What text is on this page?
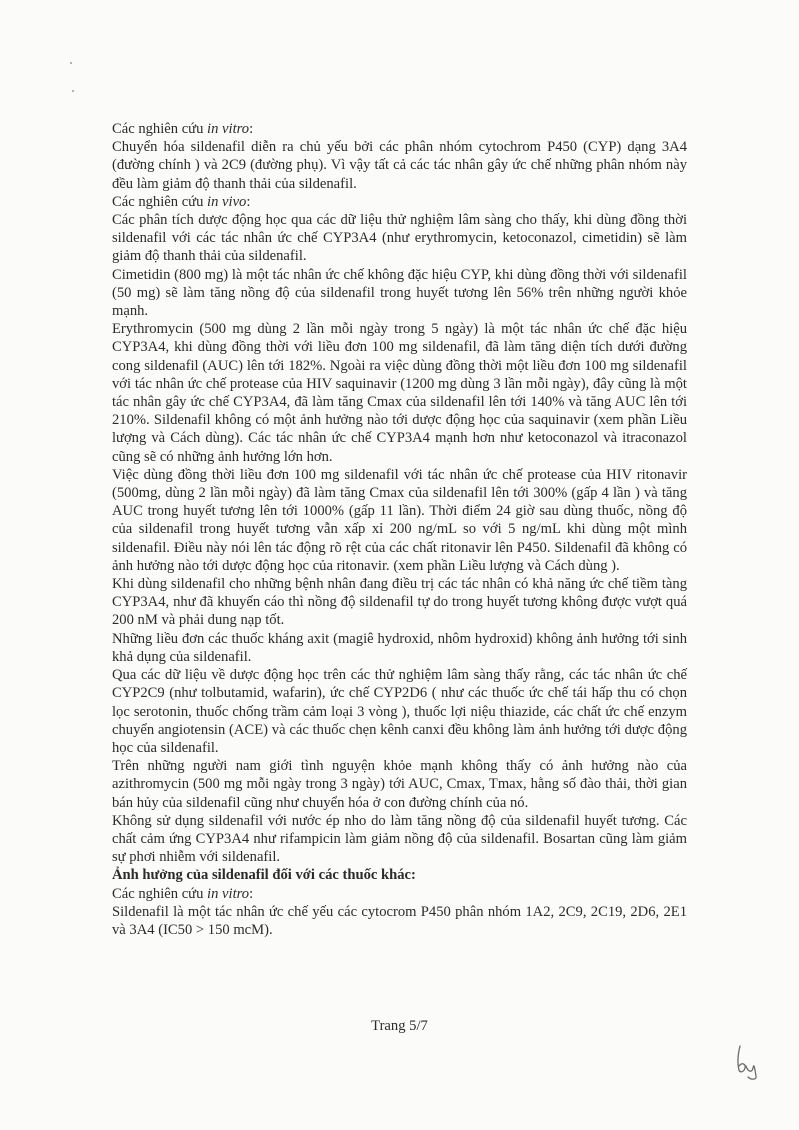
Các nghiên cứu in vitro:

Chuyển hóa sildenafil diễn ra chủ yếu bởi các phân nhóm cytochrom P450 (CYP) dạng 3A4 (đường chính ) và 2C9 (đường phụ). Vì vậy tất cả các tác nhân gây ức chế những phân nhóm này đều làm giảm độ thanh thải của sildenafil.

Các nghiên cứu in vivo:

Các phân tích dược động học qua các dữ liệu thử nghiệm lâm sàng cho thấy, khi dùng đồng thời sildenafil với các tác nhân ức chế CYP3A4 (như erythromycin, ketoconazol, cimetidin) sẽ làm giảm độ thanh thải của sildenafil.

Cimetidin (800 mg) là một tác nhân ức chế không đặc hiệu CYP, khi dùng đồng thời với sildenafil (50 mg) sẽ làm tăng nồng độ của sildenafil trong huyết tương lên 56% trên những người khỏe mạnh.

Erythromycin (500 mg dùng 2 lần mỗi ngày trong 5 ngày) là một tác nhân ức chế đặc hiệu CYP3A4, khi dùng đồng thời với liều đơn 100 mg sildenafil, đã làm tăng diện tích dưới đường cong sildenafil (AUC) lên tới 182%. Ngoài ra việc dùng đồng thời một liều đơn 100 mg sildenafil với tác nhân ức chế protease của HIV saquinavir (1200 mg dùng 3 lần mỗi ngày), đây cũng là một tác nhân gây ức chế CYP3A4, đã làm tăng Cmax của sildenafil lên tới 140% và tăng AUC lên tới 210%. Sildenafil không có một ảnh hưởng nào tới dược động học của saquinavir (xem phần Liều lượng và Cách dùng). Các tác nhân ức chế CYP3A4 mạnh hơn như ketoconazol và itraconazol cũng sẽ có những ảnh hưởng lớn hơn.

Việc dùng đồng thời liều đơn 100 mg sildenafil với tác nhân ức chế protease của HIV ritonavir (500mg, dùng 2 lần mỗi ngày) đã làm tăng Cmax của sildenafil lên tới 300% (gấp 4 lần ) và tăng AUC trong huyết tương lên tới 1000% (gấp 11 lần). Thời điểm 24 giờ sau dùng thuốc, nồng độ của sildenafil trong huyết tương vẫn xấp xỉ 200 ng/mL so với 5 ng/mL khi dùng một mình sildenafil. Điều này nói lên tác động rõ rệt của các chất ritonavir lên P450. Sildenafil đã không có ảnh hưởng nào tới dược động học của ritonavir. (xem phần Liều lượng và Cách dùng ).

Khi dùng sildenafil cho những bệnh nhân đang điều trị các tác nhân có khả năng ức chế tiềm tàng CYP3A4, như đã khuyến cáo thì nồng độ sildenafil tự do trong huyết tương không được vượt quá 200 nM và phải dung nạp tốt.

Những liều đơn các thuốc kháng axit (magiê hydroxid, nhôm hydroxid) không ảnh hưởng tới sinh khả dụng của sildenafil.

Qua các dữ liệu về dược động học trên các thử nghiệm lâm sàng thấy rằng, các tác nhân ức chế CYP2C9 (như tolbutamid, wafarin), ức chế CYP2D6 ( như các thuốc ức chế tái hấp thu có chọn lọc serotonin, thuốc chống trầm cảm loại 3 vòng ), thuốc lợi niệu thiazide, các chất ức chế enzym chuyển angiotensin (ACE) và các thuốc chẹn kênh canxi đều không làm ảnh hưởng tới dược động học của sildenafil.

Trên những người nam giới tình nguyện khỏe mạnh không thấy có ảnh hưởng nào của azithromycin (500 mg mỗi ngày trong 3 ngày) tới AUC, Cmax, Tmax, hằng số đào thải, thời gian bán hủy của sildenafil cũng như chuyển hóa ở con đường chính của nó.

Không sử dụng sildenafil với nước ép nho do làm tăng nồng độ của sildenafil huyết tương. Các chất cảm ứng CYP3A4 như rifampicin làm giảm nồng độ của sildenafil. Bosartan cũng làm giảm sự phơi nhiễm với sildenafil.

Ảnh hưởng của sildenafil đối với các thuốc khác:

Các nghiên cứu in vitro:

Sildenafil là một tác nhân ức chế yếu các cytocrom P450 phân nhóm 1A2, 2C9, 2C19, 2D6, 2E1 và 3A4 (IC50 > 150 mcM).

Trang 5/7
